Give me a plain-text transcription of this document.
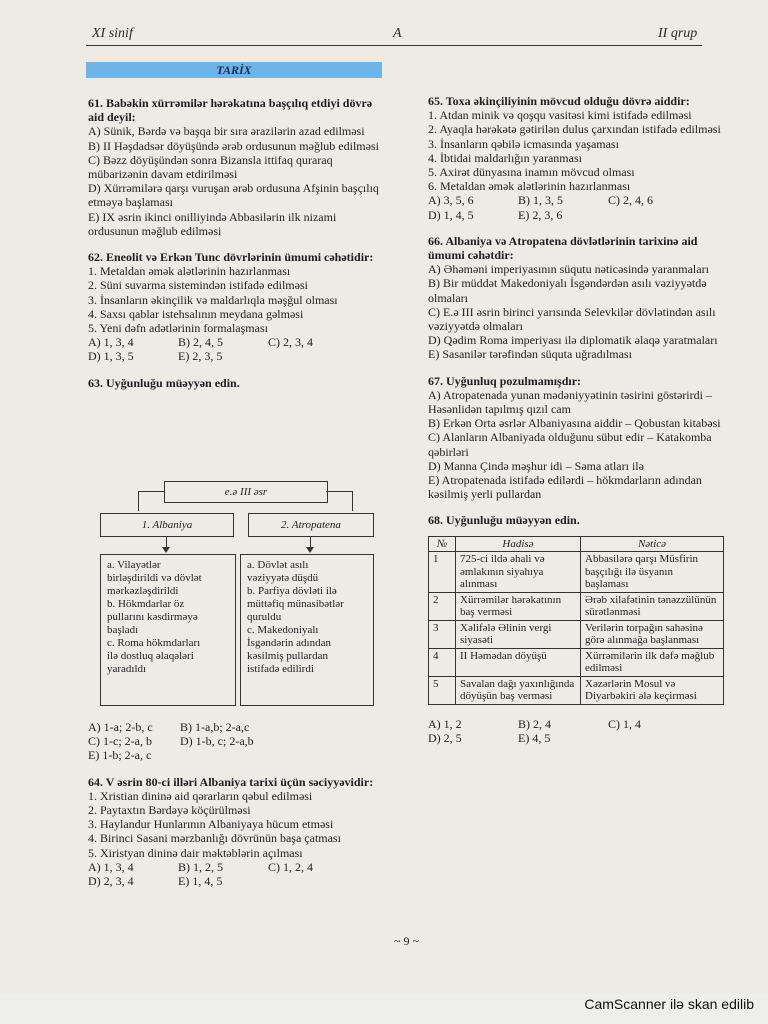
XI sinif	A	II qrup
TARİX

61. Babəkin xürrəmilər hərəkatına başçılıq etdiyi dövrə aid deyil:

A) Sünik, Bərdə və başqa bir sıra ərazilərin azad edilməsi

B) II Həşdadsər döyüşündə ərəb ordusunun məğlub edilməsi

C) Bəzz döyüşündən sonra Bizansla ittifaq quraraq mübarizənin davam etdirilməsi

D) Xürrəmilərə qarşı vuruşan ərəb ordusuna Afşinin başçılıq etməyə başlaması

E) IX əsrin ikinci onilliyində Abbasilərin ilk nizami ordusunun məğlub edilməsi

62. Eneolit və Erkən Tunc dövrlərinin ümumi cəhətidir:

1. Metaldan əmək alətlərinin hazırlanması

2. Süni suvarma sistemindən istifadə edilməsi

3. İnsanların əkinçilik və maldarlıqla məşğul olması

4. Saxsı qablar istehsalının meydana gəlməsi

5. Yeni dəfn adətlərinin formalaşması

A) 1, 3, 4	B) 2, 4, 5	C) 2, 3, 4
D) 1, 3, 5	E) 2, 3, 5

63. Uyğunluğu müəyyən edin.

e.ə III əsr
1. Albaniya	2. Atropatena
a. Vilayətlər
birləşdirildi və dövlət
mərkəzləşdirildi
b. Hökmdarlar öz
pullarını kəsdirməyə
başladı
c. Roma hökmdarları
ilə dostluq əlaqələri
yaradıldı
a. Dövlət asılı
vəziyyətə düşdü
b. Parfiya dövləti ilə
müttəfiq münasibətlər
quruldu
c. Makedoniyalı
İsgəndərin adından
kəsilmiş pullardan
istifadə edilirdi
A) 1-a; 2-b, c	B) 1-a,b; 2-a,c
C) 1-c; 2-a, b	D) 1-b, c; 2-a,b
E) 1-b; 2-a, c

64. V əsrin 80-ci illəri Albaniya tarixi üçün səciyyəvidir:

1. Xristian dininə aid qərarların qəbul edilməsi

2. Paytaxtın Bərdəyə köçürülməsi

3. Haylandur Hunlarının Albaniyaya hücum etməsi

4. Birinci Sasani mərzbanlığı dövrünün başa çatması

5. Xiristyan dininə dair məktəblərin açılması

A) 1, 3, 4	B) 1, 2, 5	C) 1, 2, 4
D) 2, 3, 4	E) 1, 4, 5

65. Toxa əkinçiliyinin mövcud olduğu dövrə aiddir:

1. Atdan minik və qoşqu vasitəsi kimi istifadə edilməsi

2. Ayaqla hərəkətə gətirilən dulus çarxından istifadə edilməsi

3. İnsanların qəbilə icmasında yaşaması

4. İbtidai maldarlığın yaranması

5. Axirət dünyasına inamın mövcud olması

6. Metaldan əmək alətlərinin hazırlanması

A) 3, 5, 6	B) 1, 3, 5	C) 2, 4, 6
D) 1, 4, 5	E) 2, 3, 6

66. Albaniya və Atropatena dövlətlərinin tarixinə aid ümumi cəhətdir:

A) Əhəməni imperiyasının süqutu nəticəsində yaranmaları

B) Bir müddət Makedoniyalı İsgəndərdən asılı vəziyyətdə olmaları

C) E.ə III əsrin birinci yarısında Selevkilər dövlətindən asılı vəziyyətdə olmaları

D) Qədim Roma imperiyası ilə diplomatik əlaqə yaratmaları

E) Sasanilər tərəfindən süquta uğradılması

67. Uyğunluq pozulmamışdır:

A) Atropatenada yunan mədəniyyətinin təsirini göstərirdi – Həsənlidən tapılmış qızıl cam

B) Erkən Orta əsrlər Albaniyasına aiddir – Qobustan kitabəsi

C) Alanların Albaniyada olduğunu sübut edir – Katakomba qəbirləri

D) Manna Çində məşhur idi – Səma atları ilə

E) Atropatenada istifadə edilərdi – hökmdarların adından kəsilmiş yerli pullardan

68. Uyğunluğu müəyyən edin.

№	Hadisə	Nəticə
1	725-ci ildə əhali və əmlakının siyahıya alınması	Abbasilərə qarşı Müsfirin başçılığı ilə üsyanın başlaması
2	Xürrəmilər hərəkatının baş verməsi	Ərəb xilafətinin tənəzzülünün sürətlənməsi
3	Xəlifələ Əlinin vergi siyasəti	Verilərin torpağın sahəsinə görə alınmağa başlanması
4	II Həmədan döyüşü	Xürrəmilərin ilk dəfə məğlub edilməsi
5	Savalan dağı yaxınlığında döyüşün baş verməsi	Xəzərlərin Mosul və Diyarbəkiri ələ keçirməsi
A) 1, 2	B) 2, 4	C) 1, 4
D) 2, 5	E) 4, 5
~ 9 ~
CamScanner ilə skan edilib
